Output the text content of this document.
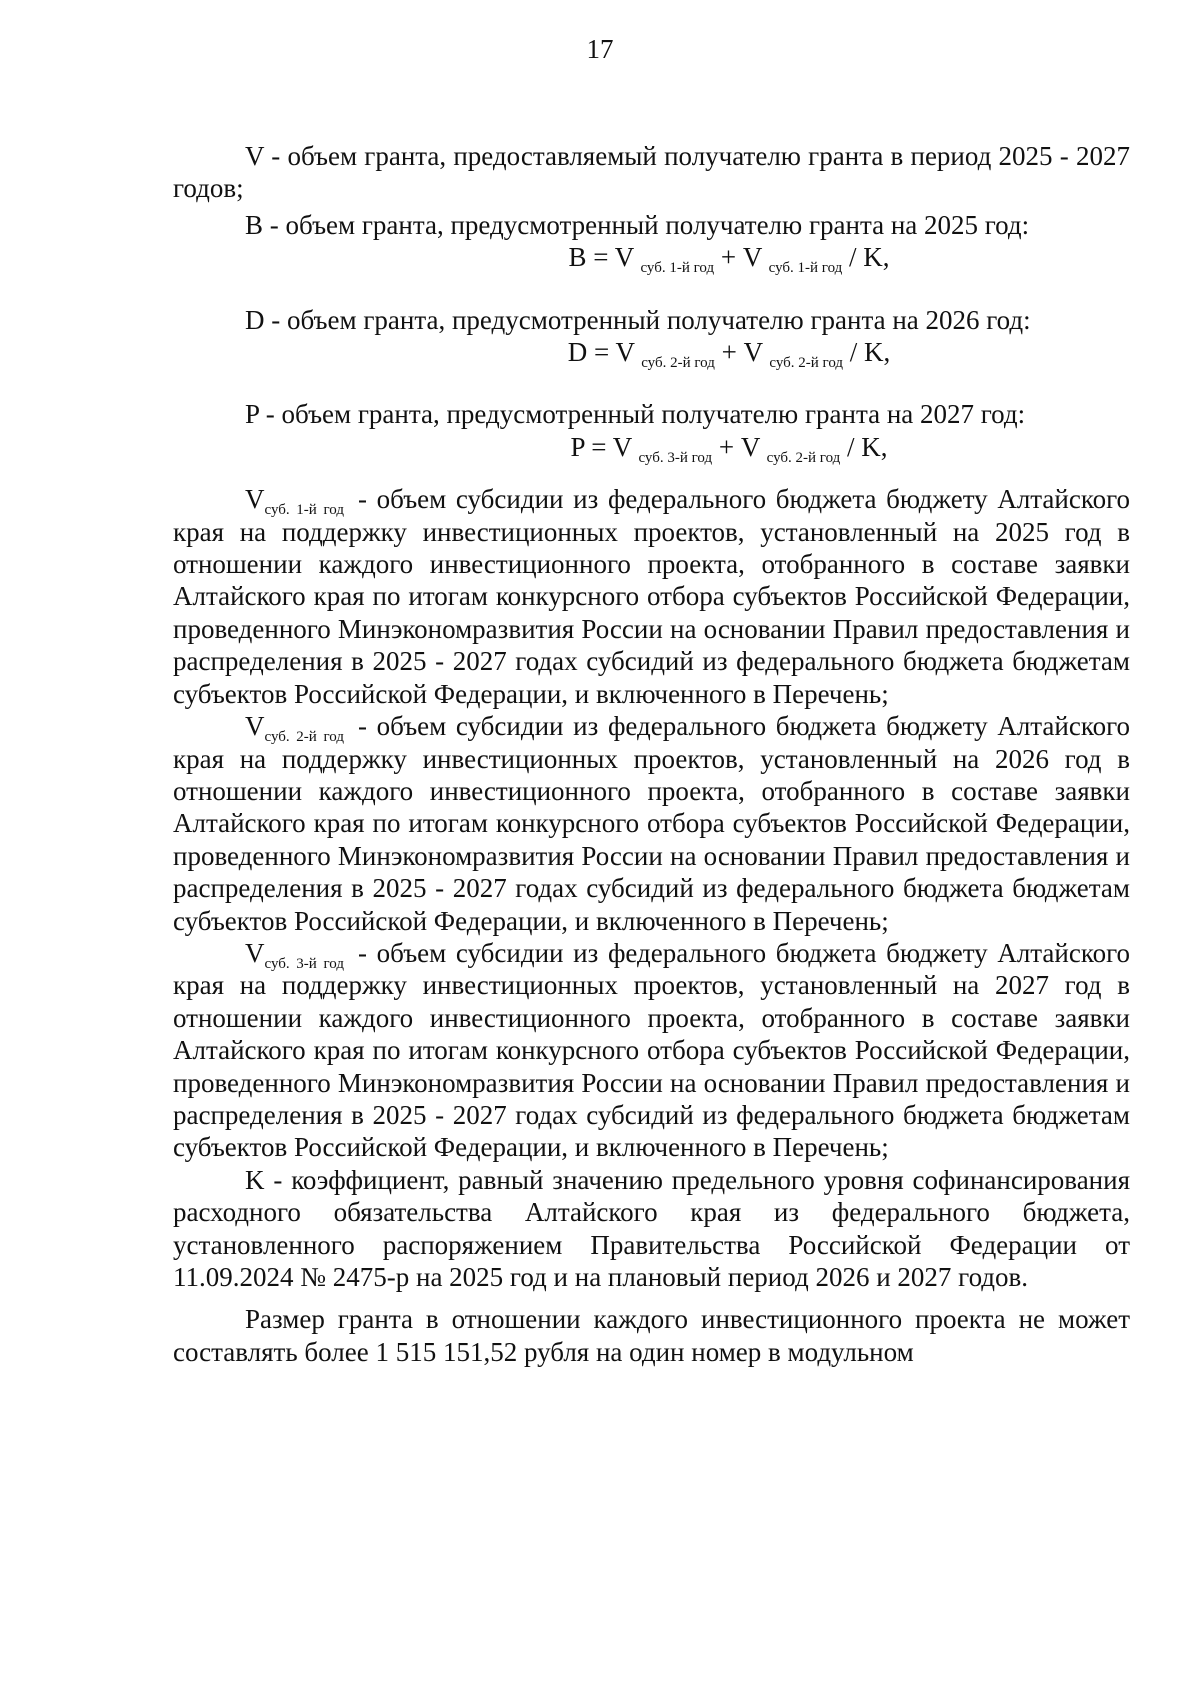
17

V - объем гранта, предоставляемый получателю гранта в период 2025 - 2027 годов;

B - объем гранта, предусмотренный получателю гранта на 2025 год:

B = V $_{суб. 1-й год}$ + V $_{суб. 1-й год}$ / K,

D - объем гранта, предусмотренный получателю гранта на 2026 год:

D = V $_{суб. 2-й год}$ + V $_{суб. 2-й год}$ / K,

P - объем гранта, предусмотренный получателю гранта на 2027 год:

P = V $_{суб. 3-й год}$ + V $_{суб. 2-й год}$ / K,

$V_{суб. 1-й год}$ - объем субсидии из федерального бюджета бюджету Алтайского края на поддержку инвестиционных проектов, установленный на 2025 год в отношении каждого инвестиционного проекта, отобранного в составе заявки Алтайского края по итогам конкурсного отбора субъектов Российской Федерации, проведенного Минэкономразвития России на основании Правил предоставления и распределения в 2025 - 2027 годах субсидий из федерального бюджета бюджетам субъектов Российской Федерации, и включенного в Перечень;

$V_{суб. 2-й год}$ - объем субсидии из федерального бюджета бюджету Алтайского края на поддержку инвестиционных проектов, установленный на 2026 год в отношении каждого инвестиционного проекта, отобранного в составе заявки Алтайского края по итогам конкурсного отбора субъектов Российской Федерации, проведенного Минэкономразвития России на основании Правил предоставления и распределения в 2025 - 2027 годах субсидий из федерального бюджета бюджетам субъектов Российской Федерации, и включенного в Перечень;

$V_{суб. 3-й год}$ - объем субсидии из федерального бюджета бюджету Алтайского края на поддержку инвестиционных проектов, установленный на 2027 год в отношении каждого инвестиционного проекта, отобранного в составе заявки Алтайского края по итогам конкурсного отбора субъектов Российской Федерации, проведенного Минэкономразвития России на основании Правил предоставления и распределения в 2025 - 2027 годах субсидий из федерального бюджета бюджетам субъектов Российской Федерации, и включенного в Перечень;

K - коэффициент, равный значению предельного уровня софинансирования расходного обязательства Алтайского края из федерального бюджета, установленного распоряжением Правительства Российской Федерации от 11.09.2024 № 2475-р на 2025 год и на плановый период 2026 и 2027 годов.

Размер гранта в отношении каждого инвестиционного проекта не может составлять более 1 515 151,52 рубля на один номер в модульном
